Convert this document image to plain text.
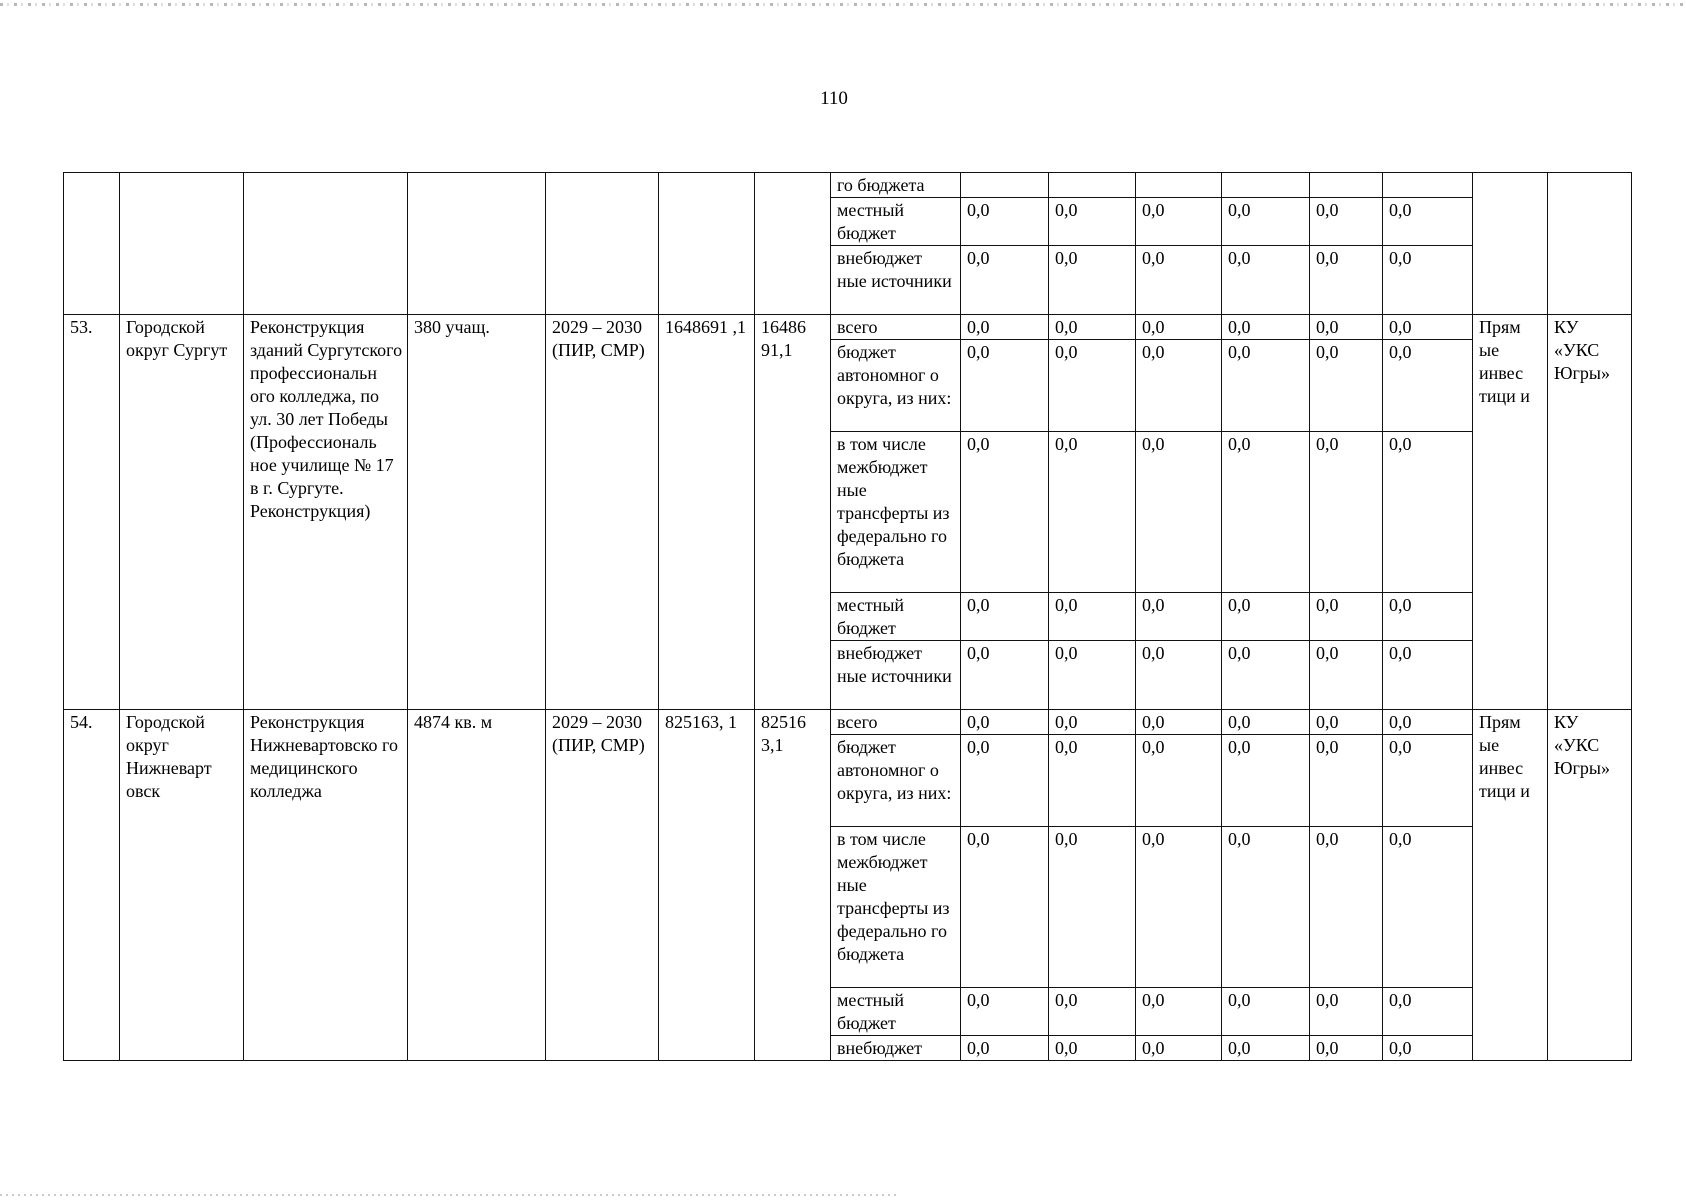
110
							го бюджета								
							местный бюджет	0,0	0,0	0,0	0,0	0,0	0,0		
							внебюджет ные источники	0,0	0,0	0,0	0,0	0,0	0,0		
53.	Городской округ Сургут	Реконструкция зданий Сургутского профессиональн ого колледжа, по ул. 30 лет Победы (Профессиональ ное училище № 17 в г. Сургуте. Реконструкция)	380 учащ.	2029 – 2030 (ПИР, СМР)	1648691 ,1	16486 91,1	всего	0,0	0,0	0,0	0,0	0,0	0,0	Прям ые инвес тици и	КУ «УКС Югры»
							бюджет автономног о округа, из них:	0,0	0,0	0,0	0,0	0,0	0,0		
							в том числе межбюджет ные трансферты из федерально го бюджета	0,0	0,0	0,0	0,0	0,0	0,0		
							местный бюджет	0,0	0,0	0,0	0,0	0,0	0,0		
							внебюджет ные источники	0,0	0,0	0,0	0,0	0,0	0,0		
54.	Городской округ Нижневарт овск	Реконструкция Нижневартовско го медицинского колледжа	4874 кв. м	2029 – 2030 (ПИР, СМР)	825163, 1	82516 3,1	всего	0,0	0,0	0,0	0,0	0,0	0,0	Прям ые инвес тици и	КУ «УКС Югры»
							бюджет автономног о округа, из них:	0,0	0,0	0,0	0,0	0,0	0,0		
							в том числе межбюджет ные трансферты из федерально го бюджета	0,0	0,0	0,0	0,0	0,0	0,0		
							местный бюджет	0,0	0,0	0,0	0,0	0,0	0,0		
							внебюджет	0,0	0,0	0,0	0,0	0,0	0,0		
